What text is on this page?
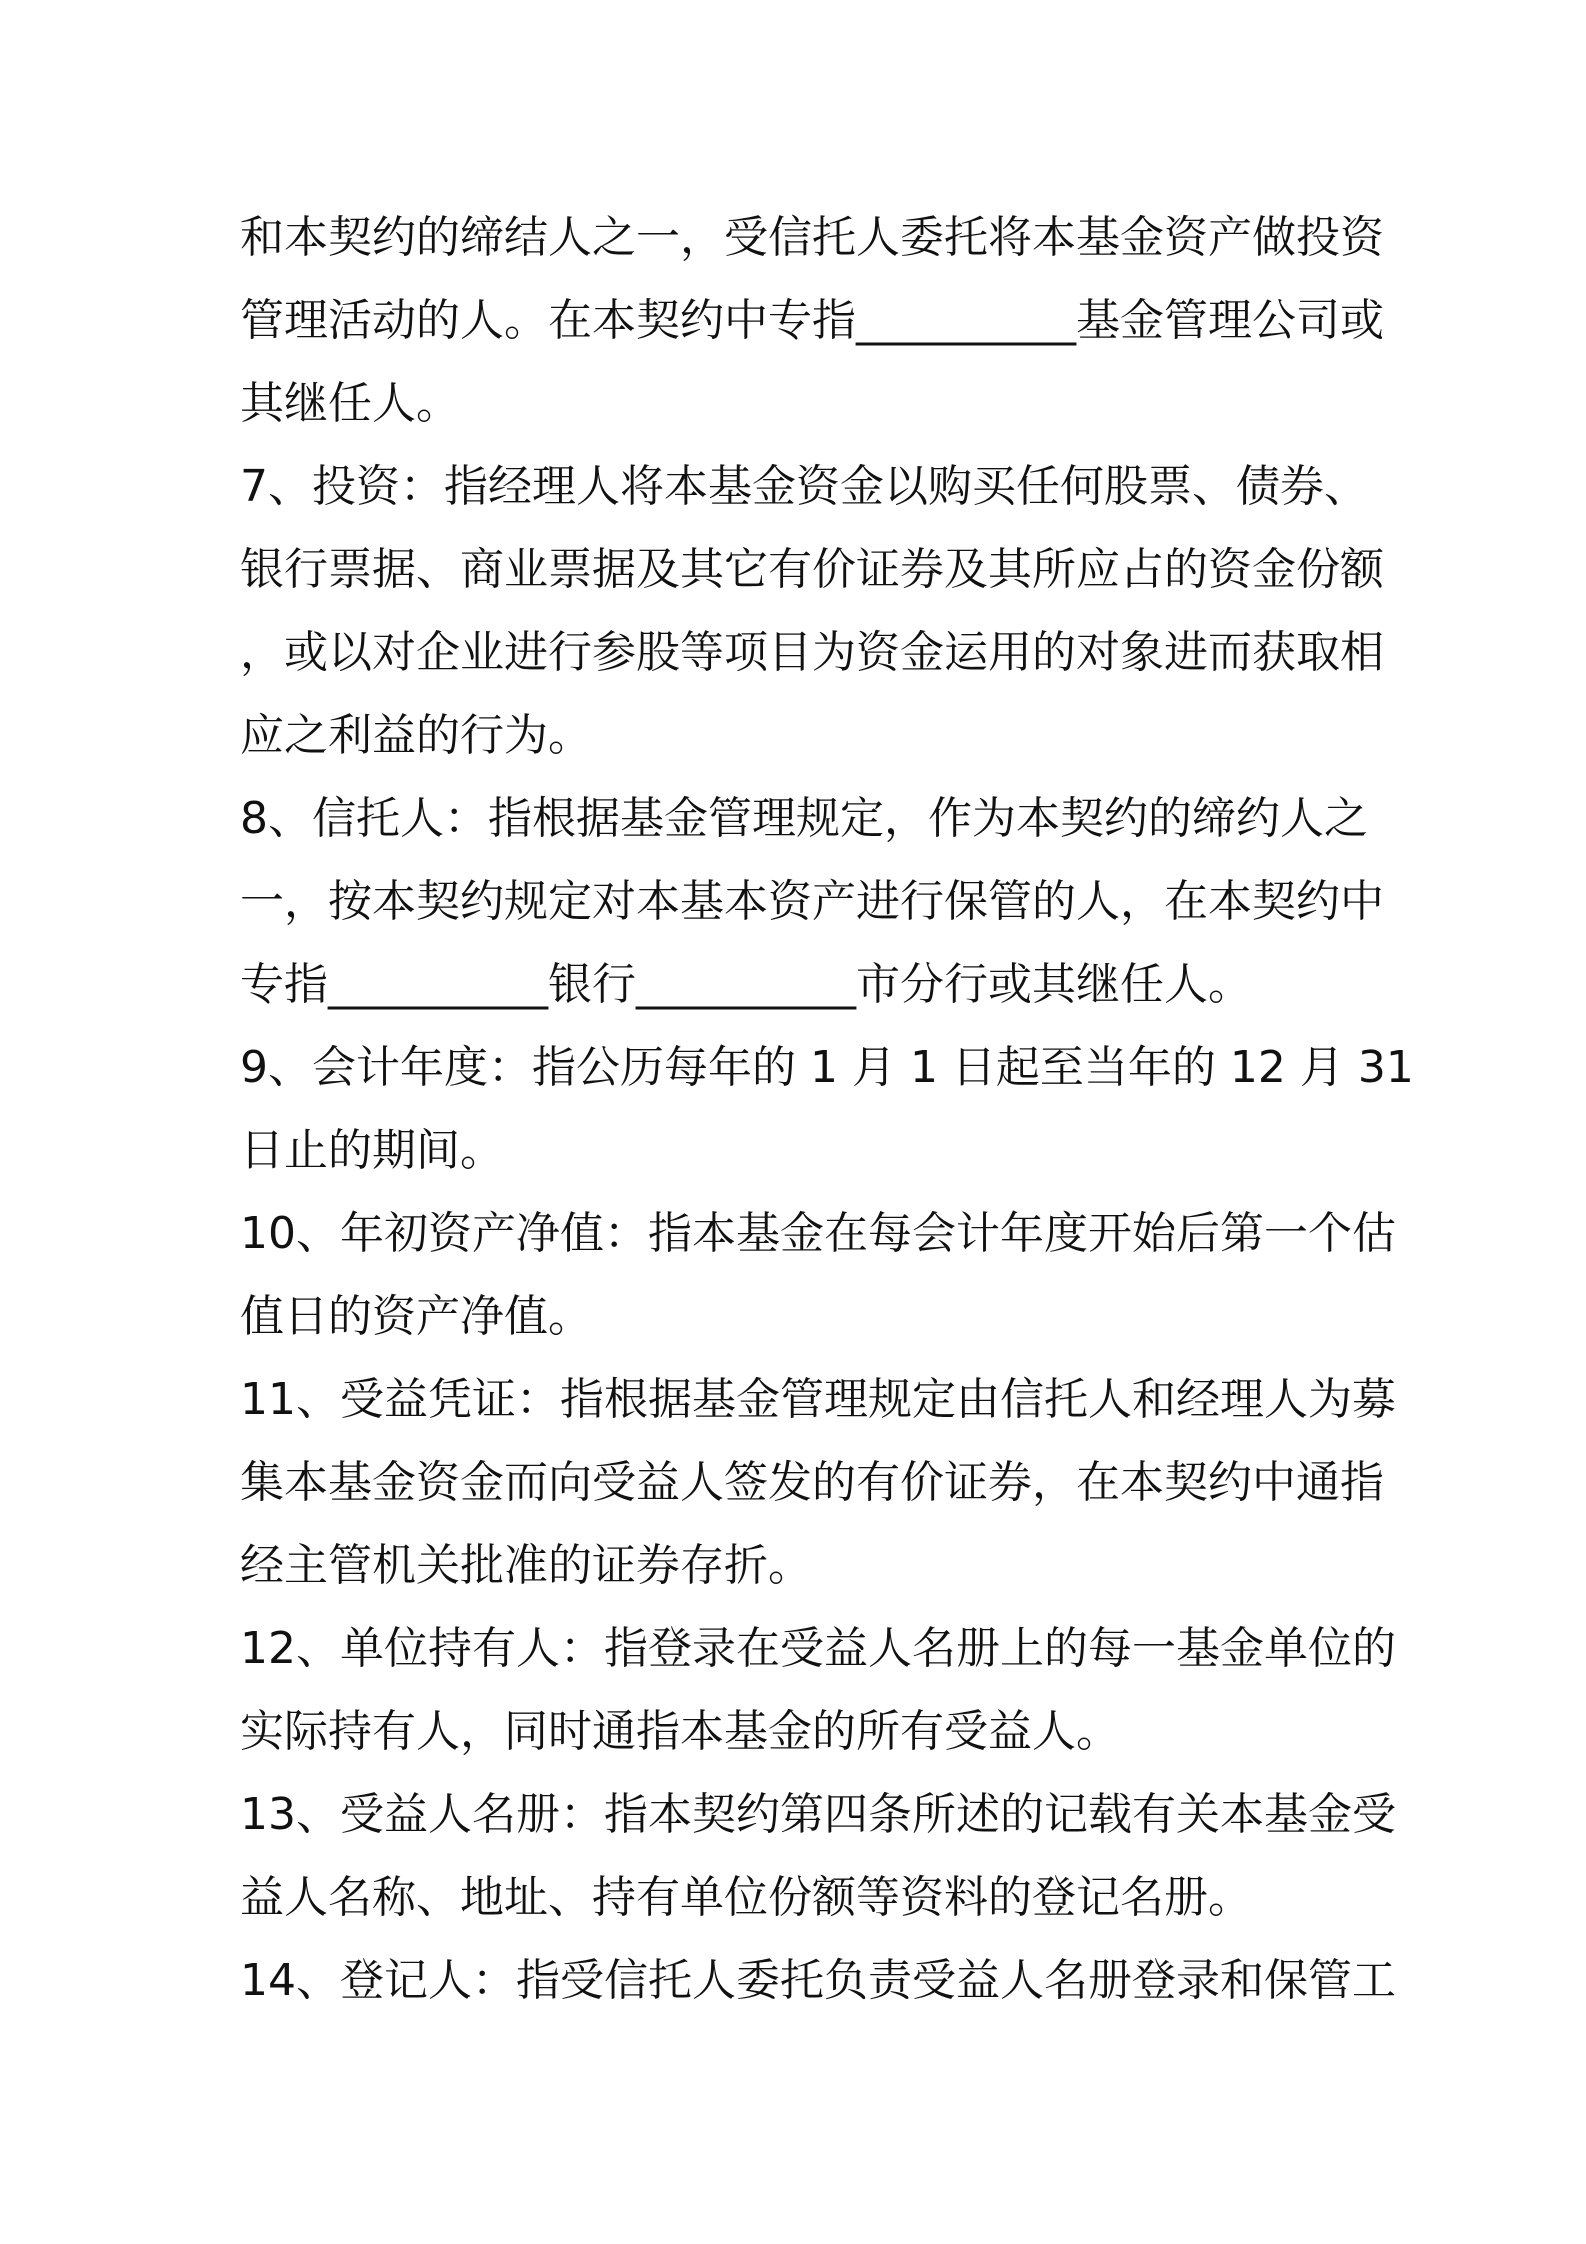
和本契约的缔结人之一，受信托人委托将本基金资产做投资
管理活动的人。在本契约中专指__________基金管理公司或
其继任人。
7、投资：指经理人将本基金资金以购买任何股票、债券、
银行票据、商业票据及其它有价证券及其所应占的资金份额
，或以对企业进行参股等项目为资金运用的对象进而获取相
应之利益的行为。
8、信托人：指根据基金管理规定，作为本契约的缔约人之
一，按本契约规定对本基本资产进行保管的人，在本契约中
专指__________银行__________市分行或其继任人。
9、会计年度：指公历每年的 1 月 1 日起至当年的 12 月 31
日止的期间。
10、年初资产净值：指本基金在每会计年度开始后第一个估
值日的资产净值。
11、受益凭证：指根据基金管理规定由信托人和经理人为募
集本基金资金而向受益人签发的有价证券，在本契约中通指
经主管机关批准的证券存折。
12、单位持有人：指登录在受益人名册上的每一基金单位的
实际持有人，同时通指本基金的所有受益人。
13、受益人名册：指本契约第四条所述的记载有关本基金受
益人名称、地址、持有单位份额等资料的登记名册。
14、登记人：指受信托人委托负责受益人名册登录和保管工
